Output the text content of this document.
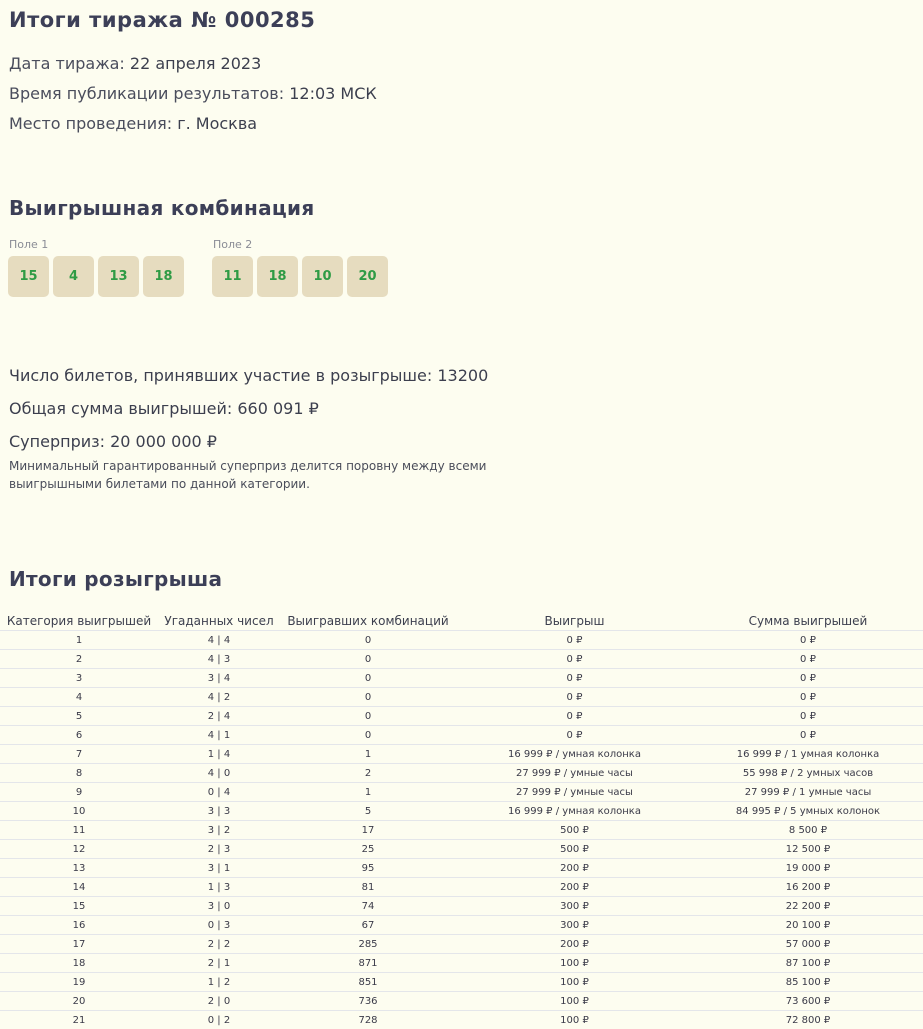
Итоги тиража № 000285
Дата тиража: 22 апреля 2023
Время публикации результатов: 12:03 МСК
Место проведения: г. Москва
Выигрышная комбинация
Поле 1
15	4	13	18
Поле 2
11	18	10	20
Число билетов, принявших участие в розыгрыше: 13200
Общая сумма выигрышей: 660 091 ₽
Суперприз: 20 000 000 ₽
Минимальный гарантированный суперприз делится поровну между всеми выигрышными билетами по данной категории.
Итоги розыгрыша
Категория выигрышей	Угаданных чисел	Выигравших комбинаций	Выигрыш	Сумма выигрышей
1	4 | 4	0	0 ₽	0 ₽
2	4 | 3	0	0 ₽	0 ₽
3	3 | 4	0	0 ₽	0 ₽
4	4 | 2	0	0 ₽	0 ₽
5	2 | 4	0	0 ₽	0 ₽
6	4 | 1	0	0 ₽	0 ₽
7	1 | 4	1	16 999 ₽ / умная колонка	16 999 ₽ / 1 умная колонка
8	4 | 0	2	27 999 ₽ / умные часы	55 998 ₽ / 2 умных часов
9	0 | 4	1	27 999 ₽ / умные часы	27 999 ₽ / 1 умные часы
10	3 | 3	5	16 999 ₽ / умная колонка	84 995 ₽ / 5 умных колонок
11	3 | 2	17	500 ₽	8 500 ₽
12	2 | 3	25	500 ₽	12 500 ₽
13	3 | 1	95	200 ₽	19 000 ₽
14	1 | 3	81	200 ₽	16 200 ₽
15	3 | 0	74	300 ₽	22 200 ₽
16	0 | 3	67	300 ₽	20 100 ₽
17	2 | 2	285	200 ₽	57 000 ₽
18	2 | 1	871	100 ₽	87 100 ₽
19	1 | 2	851	100 ₽	85 100 ₽
20	2 | 0	736	100 ₽	73 600 ₽
21	0 | 2	728	100 ₽	72 800 ₽
